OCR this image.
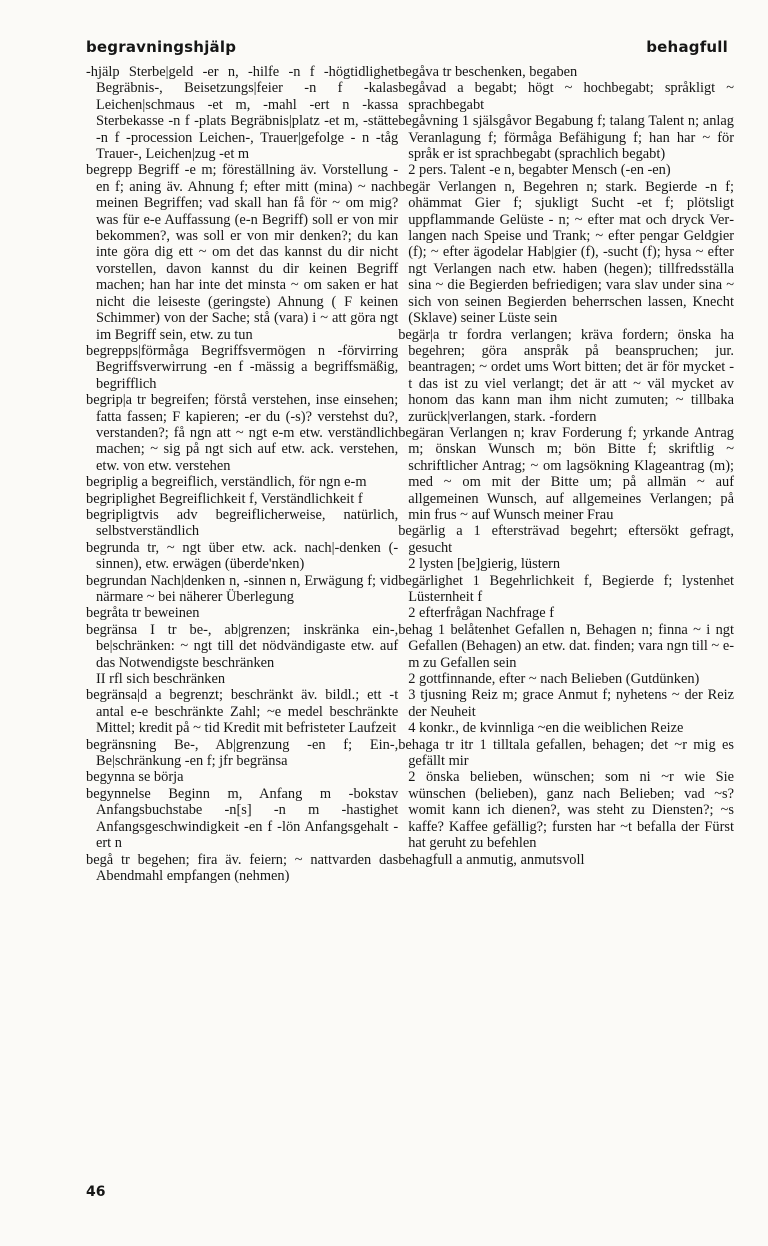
begravningshjälp	behagfull

-hjälp Sterbe|geld -er n, -hilfe -n f -högtidlighet Begräbnis-, Beisetzungs|feier -n f -kalas Leichen|schmaus -et m, -mahl -ert n -kassa Sterbekasse -n f -plats Begräbnis|platz -et m, -stätte -n f -procession Leichen-, Trauer|gefolge - n -tåg Trauer-, Leichen|zug -et m

begrepp Begriff -e m; föreställning äv. Vorstellung -en f; aning äv. Ahnung f; efter mitt (mina) ~ nach meinen Begriffen; vad skall han få för ~ om mig? was für e-e Auffassung (e-n Begriff) soll er von mir bekommen?, was soll er von mir denken?; du kan inte göra dig ett ~ om det das kannst du dir nicht vorstellen, davon kannst du dir keinen Begriff machen; han har inte det minsta ~ om saken er hat nicht die leiseste (geringste) Ahnung ( F keinen Schimmer) von der Sache; stå (vara) i ~ att göra ngt im Begriff sein, etw. zu tun

begrepps|förmåga Begriffsvermögen n -förvirring Begriffsverwirrung -en f -mässig a begriffsmäßig, begrifflich

begrip|a tr begreifen; förstå verstehen, inse einsehen; fatta fassen; F kapieren; -er du (-s)? verstehst du?, verstanden?; få ngn att ~ ngt e-m etw. verständlich machen; ~ sig på ngt sich auf etw. ack. verstehen, etw. von etw. verstehen

begriplig a begreiflich, verständlich, för ngn e-m

begriplighet Begreiflichkeit f, Verständlichkeit f

begripligtvis adv begreiflicherweise, natürlich, selbstverständlich

begrunda tr, ~ ngt über etw. ack. nach|-denken (-sinnen), etw. erwägen (überde'nken)

begrundan Nach|denken n, -sinnen n, Erwägung f; vid närmare ~ bei näherer Überlegung

begråta tr beweinen

begränsa I tr be-, ab|grenzen; inskränka ein-, be|schränken: ~ ngt till det nödvändigaste etw. auf das Notwendigste beschränken

II rfl sich beschränken

begränsa|d a begrenzt; beschränkt äv. bildl.; ett -t antal e-e beschränkte Zahl; ~e medel beschränkte Mittel; kredit på ~ tid Kredit mit befristeter Laufzeit

begränsning Be-, Ab|grenzung -en f; Ein-, Be|schränkung -en f; jfr begränsa

begynna se börja

begynnelse Beginn m, Anfang m -bokstav Anfangsbuchstabe -n[s] -n m -hastighet Anfangsgeschwindigkeit -en f -lön Anfangsgehalt -ert n

begå tr begehen; fira äv. feiern; ~ nattvarden das Abendmahl empfangen (nehmen)

begåva tr beschenken, begaben

begåvad a begabt; högt ~ hochbegabt; språkligt ~ sprachbegabt

begåvning 1 själsgåvor Begabung f; talang Talent n; anlag Veranlagung f; förmåga Befähigung f; han har ~ för språk er ist sprachbegabt (sprachlich begabt)

2 pers. Talent -e n, begabter Mensch (-en -en)

begär Verlangen n, Begehren n; stark. Begierde -n f; ohämmat Gier f; sjukligt Sucht -et f; plötsligt uppflammande Gelüste - n; ~ efter mat och dryck Verlangen nach Speise und Trank; ~ efter pengar Geldgier (f); ~ efter ägodelar Hab|gier (f), -sucht (f); hysa ~ efter ngt Verlangen nach etw. haben (hegen); tillfredsställa sina ~ die Begierden befriedigen; vara slav under sina ~ sich von seinen Begierden beherrschen lassen, Knecht (Sklave) seiner Lüste sein

begär|a tr fordra verlangen; kräva fordern; önska ha begehren; göra anspråk på beanspruchen; jur. beantragen; ~ ordet ums Wort bitten; det är för mycket -t das ist zu viel verlangt; det är att ~ väl mycket av honom das kann man ihm nicht zumuten; ~ tillbaka zurück|verlangen, stark. -fordern

begäran Verlangen n; krav Forderung f; yrkande Antrag m; önskan Wunsch m; bön Bitte f; skriftlig ~ schriftlicher Antrag; ~ om lagsökning Klageantrag (m); med ~ om mit der Bitte um; på allmän ~ auf allgemeinen Wunsch, auf allgemeines Verlangen; på min frus ~ auf Wunsch meiner Frau

begärlig a 1 eftersträvad begehrt; eftersökt gefragt, gesucht

2 lysten [be]gierig, lüstern

begärlighet 1 Begehrlichkeit f, Begierde f; lystenhet Lüsternheit f

2 efterfrågan Nachfrage f

behag 1 belåtenhet Gefallen n, Behagen n; finna ~ i ngt Gefallen (Behagen) an etw. dat. finden; vara ngn till ~ e-m zu Gefallen sein

2 gottfinnande, efter ~ nach Belieben (Gutdünken)

3 tjusning Reiz m; grace Anmut f; nyhetens ~ der Reiz der Neuheit

4 konkr., de kvinnliga ~en die weiblichen Reize

behaga tr itr 1 tilltala gefallen, behagen; det ~r mig es gefällt mir

2 önska belieben, wünschen; som ni ~r wie Sie wünschen (belieben), ganz nach Belieben; vad ~s? womit kann ich dienen?, was steht zu Diensten?; ~s kaffe? Kaffee gefällig?; fursten har ~t befalla der Fürst hat geruht zu befehlen

behagfull a anmutig, anmutsvoll

46
